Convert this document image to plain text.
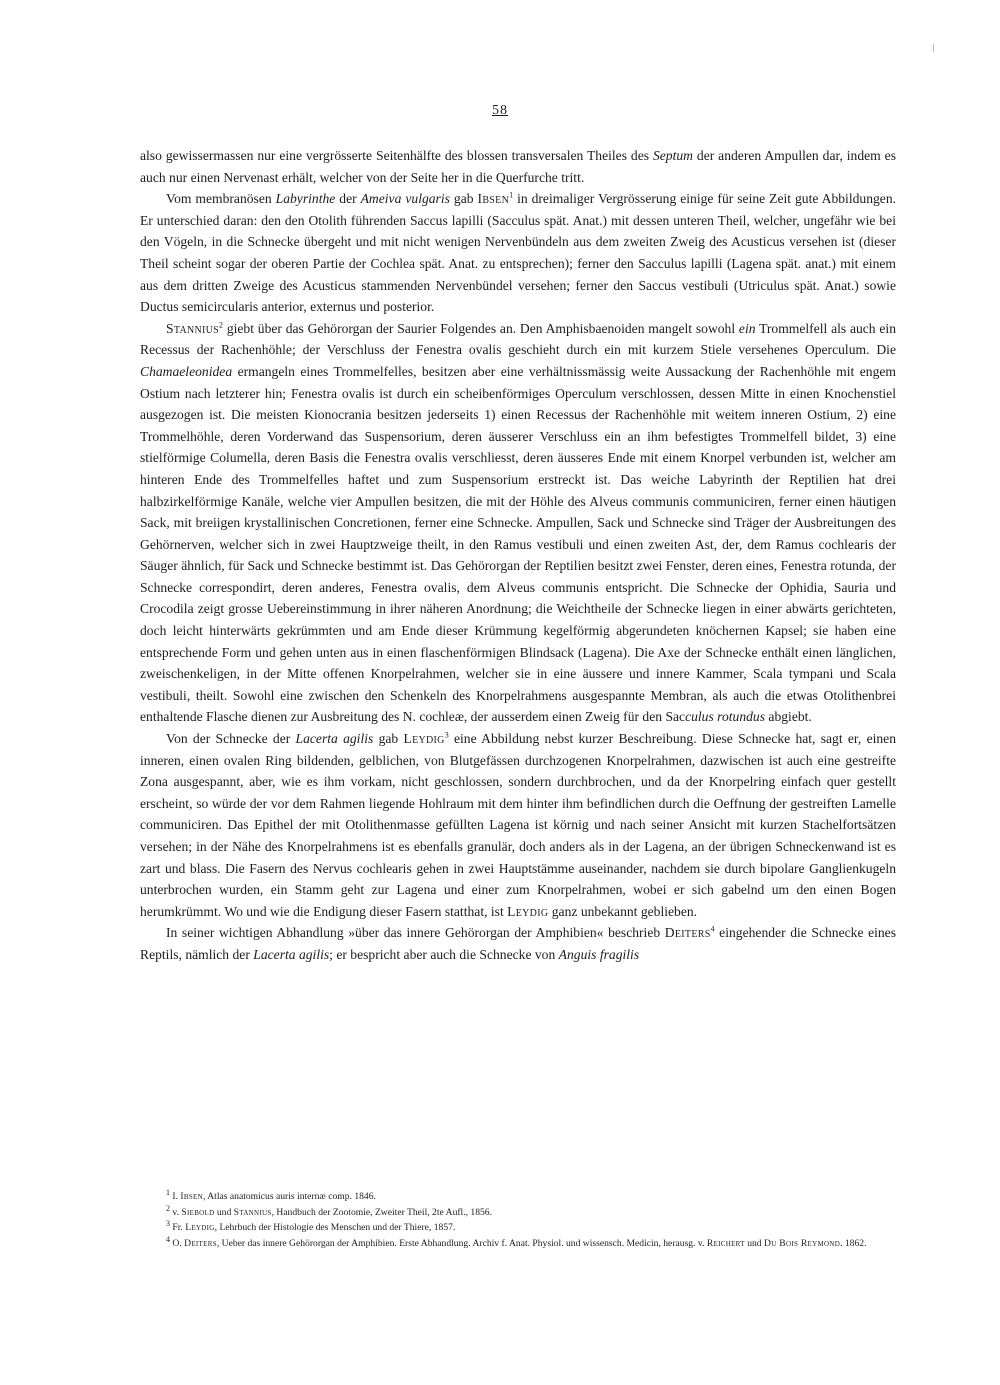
58

also gewissermassen nur eine vergrösserte Seitenhälfte des blossen transversalen Theiles des Septum der anderen Ampullen dar, indem es auch nur einen Nervenast erhält, welcher von der Seite her in die Querfurche tritt.

Vom membranösen Labyrinthe der Ameiva vulgaris gab Ibsen$^1$ in dreimaliger Vergrösserung einige für seine Zeit gute Abbildungen. Er unterschied daran: den den Otolith führenden Saccus lapilli (Sacculus spät. Anat.) mit dessen unteren Theil, welcher, ungefähr wie bei den Vögeln, in die Schnecke übergeht und mit nicht wenigen Nervenbündeln aus dem zweiten Zweig des Acusticus versehen ist (dieser Theil scheint sogar der oberen Partie der Cochlea spät. Anat. zu entsprechen); ferner den Sacculus lapilli (Lagena spät. anat.) mit einem aus dem dritten Zweige des Acusticus stammenden Nervenbündel versehen; ferner den Saccus vestibuli (Utriculus spät. Anat.) sowie Ductus semicircularis anterior, externus und posterior.

Stannius$^2$ giebt über das Gehörorgan der Saurier Folgendes an. Den Amphisbaenoiden mangelt sowohl ein Trommelfell als auch ein Recessus der Rachenhöhle; der Verschluss der Fenestra ovalis geschieht durch ein mit kurzem Stiele versehenes Operculum. Die Chamaeleonidea ermangeln eines Trommelfelles, besitzen aber eine verhältnissmässig weite Aussackung der Rachenhöhle mit engem Ostium nach letzterer hin; Fenestra ovalis ist durch ein scheibenförmiges Operculum verschlossen, dessen Mitte in einen Knochenstiel ausgezogen ist. Die meisten Kionocrania besitzen jederseits 1) einen Recessus der Rachenhöhle mit weitem inneren Ostium, 2) eine Trommelhöhle, deren Vorderwand das Suspensorium, deren äusserer Verschluss ein an ihm befestigtes Trommelfell bildet, 3) eine stielförmige Columella, deren Basis die Fenestra ovalis verschliesst, deren äusseres Ende mit einem Knorpel verbunden ist, welcher am hinteren Ende des Trommelfelles haftet und zum Suspensorium erstreckt ist. Das weiche Labyrinth der Reptilien hat drei halbzirkelförmige Kanäle, welche vier Ampullen besitzen, die mit der Höhle des Alveus communis communiciren, ferner einen häutigen Sack, mit breiigen krystallinischen Concretionen, ferner eine Schnecke. Ampullen, Sack und Schnecke sind Träger der Ausbreitungen des Gehörnerven, welcher sich in zwei Hauptzweige theilt, in den Ramus vestibuli und einen zweiten Ast, der, dem Ramus cochlearis der Säuger ähnlich, für Sack und Schnecke bestimmt ist. Das Gehörorgan der Reptilien besitzt zwei Fenster, deren eines, Fenestra rotunda, der Schnecke correspondirt, deren anderes, Fenestra ovalis, dem Alveus communis entspricht. Die Schnecke der Ophidia, Sauria und Crocodila zeigt grosse Uebereinstimmung in ihrer näheren Anordnung; die Weichtheile der Schnecke liegen in einer abwärts gerichteten, doch leicht hinterwärts gekrümmten und am Ende dieser Krümmung kegelförmig abgerundeten knöchernen Kapsel; sie haben eine entsprechende Form und gehen unten aus in einen flaschenförmigen Blindsack (Lagena). Die Axe der Schnecke enthält einen länglichen, zweischenkeligen, in der Mitte offenen Knorpelrahmen, welcher sie in eine äussere und innere Kammer, Scala tympani und Scala vestibuli, theilt. Sowohl eine zwischen den Schenkeln des Knorpelrahmens ausgespannte Membran, als auch die etwas Otolithenbrei enthaltende Flasche dienen zur Ausbreitung des N. cochleæ, der ausserdem einen Zweig für den Sacculus rotundus abgiebt.

Von der Schnecke der Lacerta agilis gab Leydig$^3$ eine Abbildung nebst kurzer Beschreibung. Diese Schnecke hat, sagt er, einen inneren, einen ovalen Ring bildenden, gelblichen, von Blutgefässen durchzogenen Knorpelrahmen, dazwischen ist auch eine gestreifte Zona ausgespannt, aber, wie es ihm vorkam, nicht geschlossen, sondern durchbrochen, und da der Knorpelring einfach quer gestellt erscheint, so würde der vor dem Rahmen liegende Hohlraum mit dem hinter ihm befindlichen durch die Oeffnung der gestreiften Lamelle communiciren. Das Epithel der mit Otolithenmasse gefüllten Lagena ist körnig und nach seiner Ansicht mit kurzen Stachelfortsätzen versehen; in der Nähe des Knorpelrahmens ist es ebenfalls granulär, doch anders als in der Lagena, an der übrigen Schneckenwand ist es zart und blass. Die Fasern des Nervus cochlearis gehen in zwei Hauptstämme auseinander, nachdem sie durch bipolare Ganglienkugeln unterbrochen wurden, ein Stamm geht zur Lagena und einer zum Knorpelrahmen, wobei er sich gabelnd um den einen Bogen herumkrümmt. Wo und wie die Endigung dieser Fasern statthat, ist Leydig ganz unbekannt geblieben.

In seiner wichtigen Abhandlung »über das innere Gehörorgan der Amphibien« beschrieb Deiters$^4$ eingehender die Schnecke eines Reptils, nämlich der Lacerta agilis; er bespricht aber auch die Schnecke von Anguis fragilis

$^1$ I. Ibsen, Atlas anatomicus auris internæ comp. 1846.

$^2$ v. Siebold und Stannius, Handbuch der Zootomie, Zweiter Theil, 2te Aufl., 1856.

$^3$ Fr. Leydig, Lehrbuch der Histologie des Menschen und der Thiere, 1857.

$^4$ O. Deiters, Ueber das innere Gehörorgan der Amphibien. Erste Abhandlung. Archiv f. Anat. Physiol. und wissensch. Medicin, herausg. v. Reichert und Du Bois Reymond. 1862.
